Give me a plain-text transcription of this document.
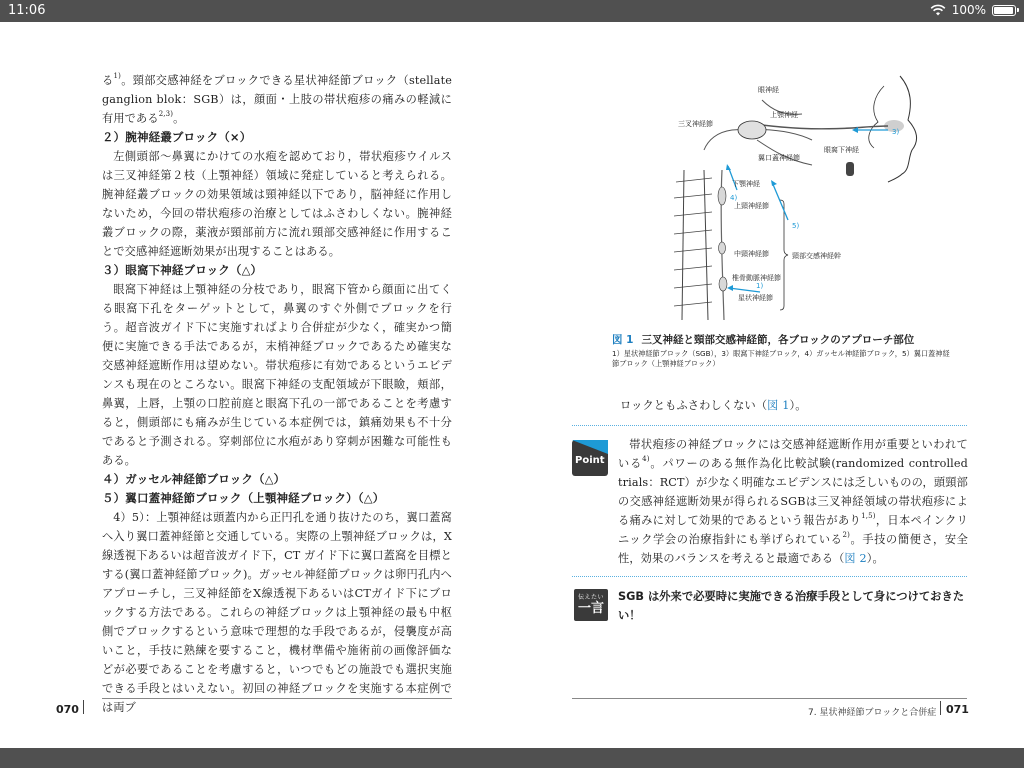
11:06	100%

る$^{1)}$。頸部交感神経をブロックできる星状神経節ブロック（stellate ganglion blok：SGB）は，顔面・上肢の帯状疱疹の痛みの軽減に有用である$^{2,3)}$。

２）腕神経叢ブロック（×）

左側頭部～鼻翼にかけての水疱を認めており，帯状疱疹ウイルスは三叉神経第２枝（上顎神経）領域に発症していると考えられる。腕神経叢ブロックの効果領域は頸神経以下であり，脳神経に作用しないため，今回の帯状疱疹の治療としてはふさわしくない。腕神経叢ブロックの際，薬液が頸部前方に流れ頸部交感神経に作用することで交感神経遮断効果が出現することはある。

３）眼窩下神経ブロック（△）

眼窩下神経は上顎神経の分枝であり，眼窩下管から顔面に出てくる眼窩下孔をターゲットとして，鼻翼のすぐ外側でブロックを行う。超音波ガイド下に実施すればより合併症が少なく，確実かつ簡便に実施できる手法であるが，末梢神経ブロックであるため確実な交感神経遮断作用は望めない。帯状疱疹に有効であるというエビデンスも現在のところない。眼窩下神経の支配領域が下眼瞼，頬部，鼻翼，上唇，上顎の口腔前庭と眼窩下孔の一部であることを考慮すると，側頭部にも痛みが生じている本症例では，鎮痛効果も不十分であると予測される。穿刺部位に水疱があり穿刺が困難な可能性もある。

４）ガッセル神経節ブロック（△）

５）翼口蓋神経節ブロック（上顎神経ブロック）（△）

4）5）：上顎神経は頭蓋内から正円孔を通り抜けたのち，翼口蓋窩へ入り翼口蓋神経節と交通している。実際の上顎神経ブロックは，X線透視下あるいは超音波ガイド下，CT ガイド下に翼口蓋窩を目標とする(翼口蓋神経節ブロック)。ガッセル神経節ブロックは卵円孔内へアプローチし，三叉神経節をX線透視下あるいはCTガイド下にブロックする方法である。これらの神経ブロックは上顎神経の最も中枢側でブロックするという意味で理想的な手段であるが，侵襲度が高いこと，手技に熟練を要すること，機材準備や施術前の画像評価などが必要であることを考慮すると，いつでもどの施設でも選択実施できる手段とはいえない。初回の神経ブロックを実施する本症例では両ブ

070
眼神経
三叉神経節
上顎神経
眼窩下神経
翼口蓋神経節
下顎神経
上頸神経節
中頸神経節
椎骨動脈神経節
星状神経節
頸部交感神経幹
3)
5)
4)
1)
図 1 三叉神経と頸部交感神経節，各ブロックのアプローチ部位
1）星状神経節ブロック（SGB），3）眼窩下神経ブロック，4）ガッセル神経節ブロック，5）翼口蓋神経節ブロック（上顎神経ブロック）
ロックともふさわしくない（図 1）。
Point

帯状疱疹の神経ブロックには交感神経遮断作用が重要といわれている$^{4)}$。パワーのある無作為化比較試験(randomized controlled trials：RCT）が少なく明確なエビデンスには乏しいものの，頭頸部の交感神経遮断効果が得られるSGBは三叉神経領域の帯状疱疹による痛みに対して効果的であるという報告があり$^{1,5)}$，日本ペインクリニック学会の治療指針にも挙げられている$^{2)}$。手技の簡便さ，安全性，効果のバランスを考えると最適である（図 2）。

伝えたい
一言
SGB は外来で必要時に実施できる治療手段として身につけておきたい！
7. 星状神経節ブロックと合併症 071
